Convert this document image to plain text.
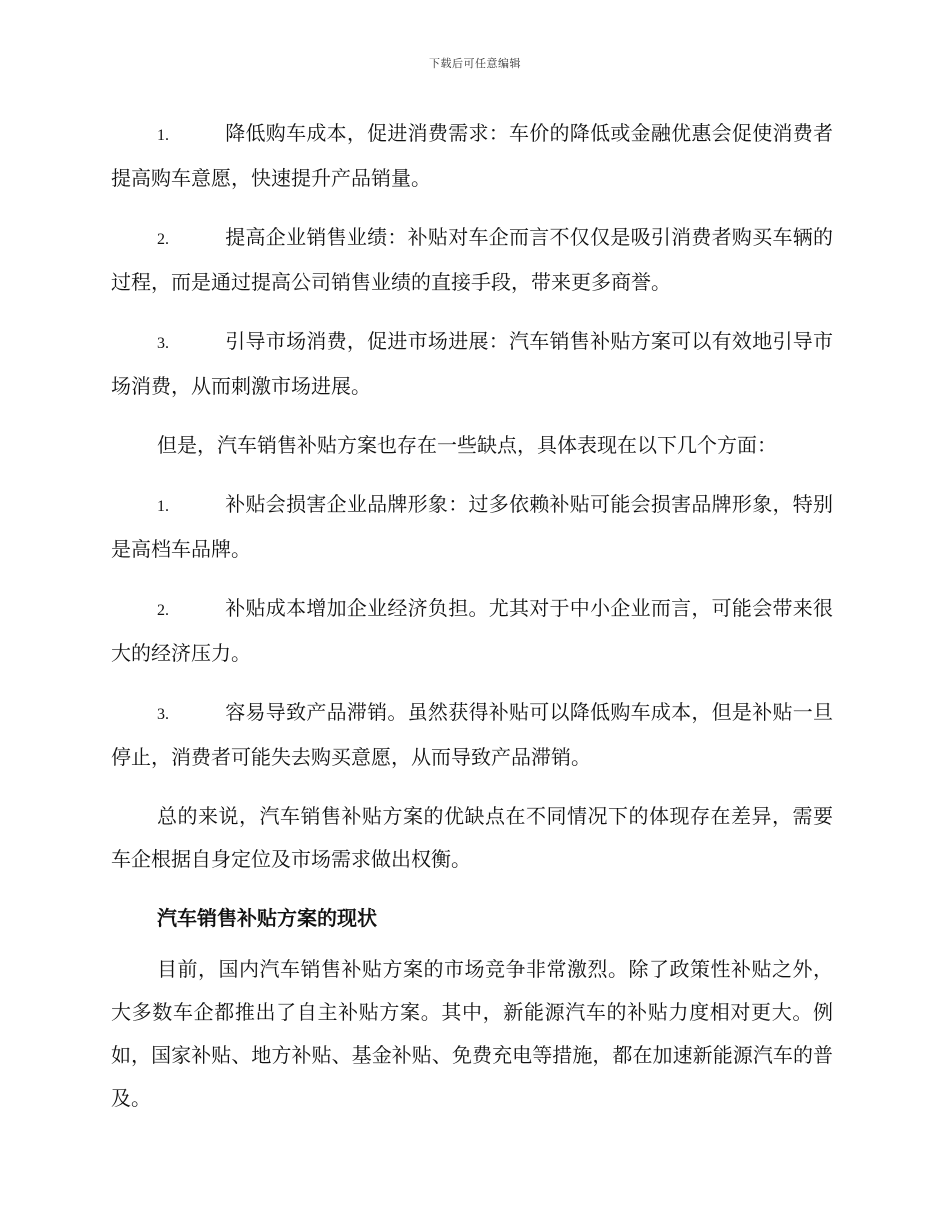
下载后可任意编辑

1.	降低购车成本，促进消费需求：车价的降低或金融优惠会促使消费者提高购车意愿，快速提升产品销量。

2.	提高企业销售业绩：补贴对车企而言不仅仅是吸引消费者购买车辆的过程，而是通过提高公司销售业绩的直接手段，带来更多商誉。

3.	引导市场消费，促进市场进展：汽车销售补贴方案可以有效地引导市场消费，从而刺激市场进展。

但是，汽车销售补贴方案也存在一些缺点，具体表现在以下几个方面：

1.	补贴会损害企业品牌形象：过多依赖补贴可能会损害品牌形象，特别是高档车品牌。

2.	补贴成本增加企业经济负担。尤其对于中小企业而言，可能会带来很大的经济压力。

3.	容易导致产品滞销。虽然获得补贴可以降低购车成本，但是补贴一旦停止，消费者可能失去购买意愿，从而导致产品滞销。

总的来说，汽车销售补贴方案的优缺点在不同情况下的体现存在差异，需要车企根据自身定位及市场需求做出权衡。

汽车销售补贴方案的现状

目前，国内汽车销售补贴方案的市场竞争非常激烈。除了政策性补贴之外，大多数车企都推出了自主补贴方案。其中，新能源汽车的补贴力度相对更大。例如，国家补贴、地方补贴、基金补贴、免费充电等措施，都在加速新能源汽车的普及。
